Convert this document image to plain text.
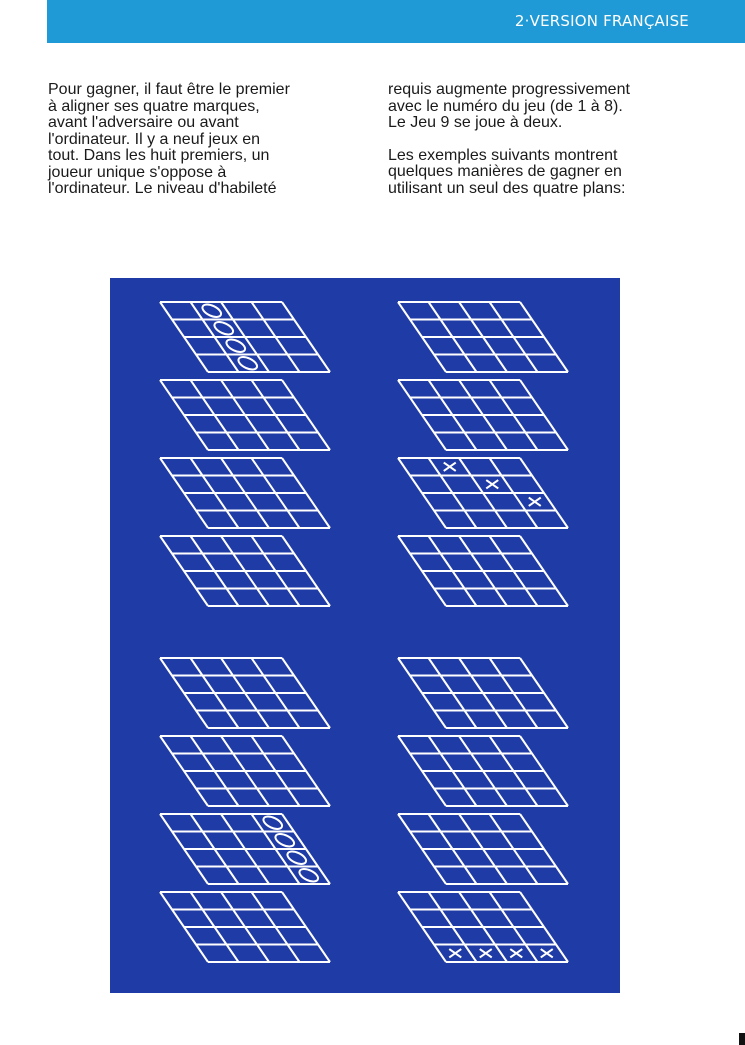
2·VERSION FRANÇAISE

Pour gagner, il faut être le premier
à aligner ses quatre marques,
avant l'adversaire ou avant
l'ordinateur. Il y a neuf jeux en
tout. Dans les huit premiers, un
joueur unique s'oppose à
l'ordinateur. Le niveau d'habileté

requis augmente progressivement
avec le numéro du jeu (de 1 à 8).
Le Jeu 9 se joue à deux.

Les exemples suivants montrent
quelques manières de gagner en
utilisant un seul des quatre plans:
